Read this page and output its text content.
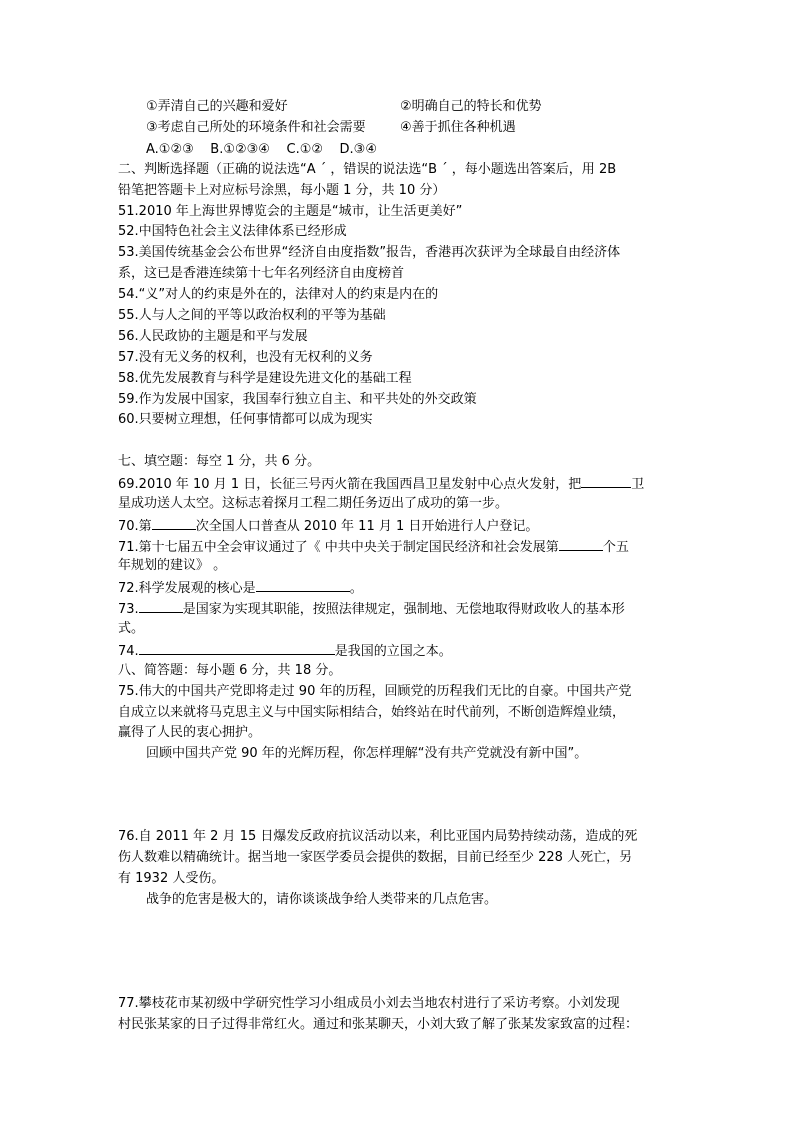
①弄清自己的兴趣和爱好	②明确自己的特长和优势
③考虑自己所处的环境条件和社会需要	④善于抓住各种机遇
A.①②③    B.①②③④    C.①②    D.③④
二、判断选择题（正确的说法选“A ˊ ，错误的说法选“B ˊ ，每小题选出答案后，用 2B
铅笔把答题卡上对应标号涂黑，每小题 1 分，共 10 分）
51.2010 年上海世界博览会的主题是“城市，让生活更美好”
52.中国特色社会主义法律体系已经形成
53.美国传统基金会公布世界“经济自由度指数”报告，香港再次获评为全球最自由经济体
系，这已是香港连续第十七年名列经济自由度榜首
54.“义”对人的约束是外在的，法律对人的约束是内在的
55.人与人之间的平等以政治权利的平等为基础
56.人民政协的主题是和平与发展
57.没有无义务的权利，也没有无权利的义务
58.优先发展教育与科学是建设先进文化的基础工程
59.作为发展中国家，我国奉行独立自主、和平共处的外交政策
60.只要树立理想，任何事情都可以成为现实
七、填空题：每空 1 分，共 6 分。
69.2010 年 10 月 1 日，长征三号丙火箭在我国西昌卫星发射中心点火发射，把	卫
星成功送人太空。这标志着探月工程二期任务迈出了成功的第一步。
70.第	次全国人口普查从 2010 年 11 月 1 日开始进行人户登记。
71.第十七届五中全会审议通过了《 中共中央关于制定国民经济和社会发展第	个五
年规划的建议》 。
72.科学发展观的核心是	。
73.	是国家为实现其职能，按照法律规定，强制地、无偿地取得财政收人的基本形
式。
74.	是我国的立国之本。
八、简答题：每小题 6 分，共 18 分。
75.伟大的中国共产党即将走过 90 年的历程，回顾党的历程我们无比的自豪。中国共产党
自成立以来就将马克思主义与中国实际相结合，始终站在时代前列，不断创造辉煌业绩，
赢得了人民的衷心拥护。
回顾中国共产党 90 年的光辉历程，你怎样理解“没有共产党就没有新中国”。
76.自 2011 年 2 月 15 日爆发反政府抗议活动以来，利比亚国内局势持续动荡，造成的死
伤人数难以精确统计。据当地一家医学委员会提供的数据，目前已经至少 228 人死亡，另
有 1932 人受伤。
战争的危害是极大的，请你谈谈战争给人类带来的几点危害。
77.攀枝花市某初级中学研究性学习小组成员小刘去当地农村进行了采访考察。小刘发现
村民张某家的日子过得非常红火。通过和张某聊天，小刘大致了解了张某发家致富的过程：
